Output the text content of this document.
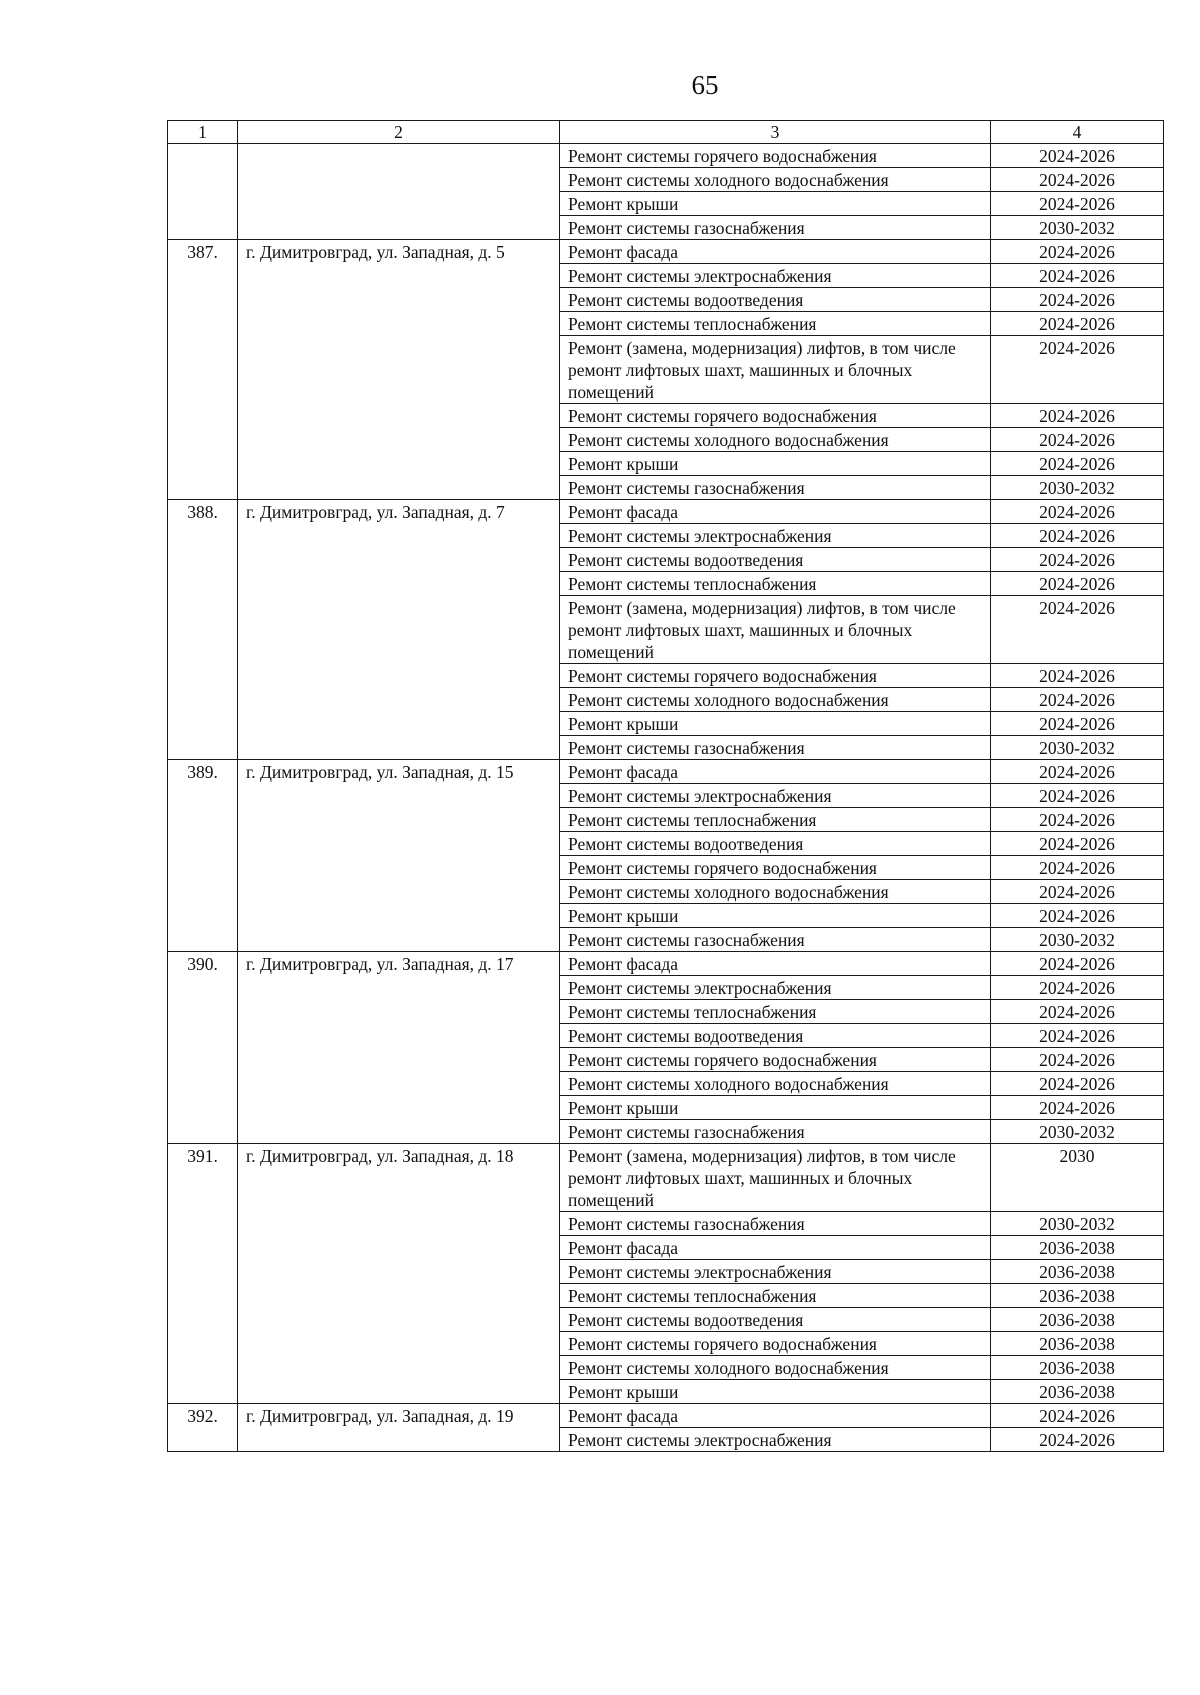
65
1	2	3	4
		Ремонт системы горячего водоснабжения	2024-2026
		Ремонт системы холодного водоснабжения	2024-2026
		Ремонт крыши	2024-2026
		Ремонт системы газоснабжения	2030-2032
387.	г. Димитровград, ул. Западная, д. 5	Ремонт фасада	2024-2026
		Ремонт системы электроснабжения	2024-2026
		Ремонт системы водоотведения	2024-2026
		Ремонт системы теплоснабжения	2024-2026
		Ремонт (замена, модернизация) лифтов, в том числе ремонт лифтовых шахт, машинных и блочных помещений	2024-2026
		Ремонт системы горячего водоснабжения	2024-2026
		Ремонт системы холодного водоснабжения	2024-2026
		Ремонт крыши	2024-2026
		Ремонт системы газоснабжения	2030-2032
388.	г. Димитровград, ул. Западная, д. 7	Ремонт фасада	2024-2026
		Ремонт системы электроснабжения	2024-2026
		Ремонт системы водоотведения	2024-2026
		Ремонт системы теплоснабжения	2024-2026
		Ремонт (замена, модернизация) лифтов, в том числе ремонт лифтовых шахт, машинных и блочных помещений	2024-2026
		Ремонт системы горячего водоснабжения	2024-2026
		Ремонт системы холодного водоснабжения	2024-2026
		Ремонт крыши	2024-2026
		Ремонт системы газоснабжения	2030-2032
389.	г. Димитровград, ул. Западная, д. 15	Ремонт фасада	2024-2026
		Ремонт системы электроснабжения	2024-2026
		Ремонт системы теплоснабжения	2024-2026
		Ремонт системы водоотведения	2024-2026
		Ремонт системы горячего водоснабжения	2024-2026
		Ремонт системы холодного водоснабжения	2024-2026
		Ремонт крыши	2024-2026
		Ремонт системы газоснабжения	2030-2032
390.	г. Димитровград, ул. Западная, д. 17	Ремонт фасада	2024-2026
		Ремонт системы электроснабжения	2024-2026
		Ремонт системы теплоснабжения	2024-2026
		Ремонт системы водоотведения	2024-2026
		Ремонт системы горячего водоснабжения	2024-2026
		Ремонт системы холодного водоснабжения	2024-2026
		Ремонт крыши	2024-2026
		Ремонт системы газоснабжения	2030-2032
391.	г. Димитровград, ул. Западная, д. 18	Ремонт (замена, модернизация) лифтов, в том числе ремонт лифтовых шахт, машинных и блочных помещений	2030
		Ремонт системы газоснабжения	2030-2032
		Ремонт фасада	2036-2038
		Ремонт системы электроснабжения	2036-2038
		Ремонт системы теплоснабжения	2036-2038
		Ремонт системы водоотведения	2036-2038
		Ремонт системы горячего водоснабжения	2036-2038
		Ремонт системы холодного водоснабжения	2036-2038
		Ремонт крыши	2036-2038
392.	г. Димитровград, ул. Западная, д. 19	Ремонт фасада	2024-2026
		Ремонт системы электроснабжения	2024-2026
